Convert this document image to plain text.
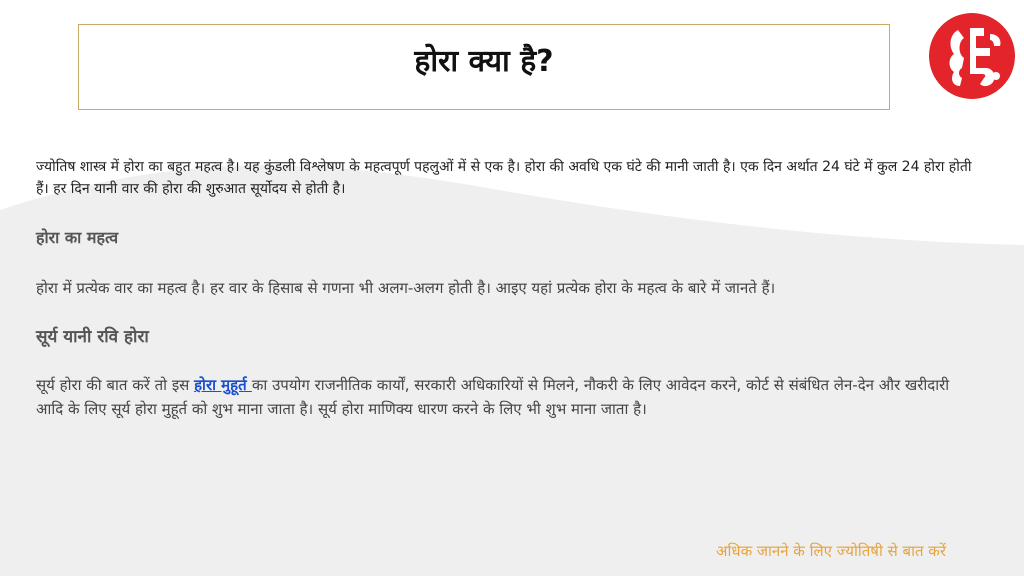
होरा क्या है?

ज्योतिष शास्त्र में होरा का बहुत महत्व है। यह कुंडली विश्लेषण के महत्वपूर्ण पहलुओं में से एक है। होरा की अवधि एक घंटे की मानी जाती है। एक दिन अर्थात 24 घंटे में कुल 24 होरा होती हैं। हर दिन यानी वार की होरा की शुरुआत सूर्योदय से होती है।

होरा का महत्व

होरा में प्रत्येक वार का महत्व है। हर वार के हिसाब से गणना भी अलग-अलग होती है। आइए यहां प्रत्येक होरा के महत्व के बारे में जानते हैं।

सूर्य यानी रवि होरा

सूर्य होरा की बात करें तो इस होरा मुहूर्त का उपयोग राजनीतिक कार्यों, सरकारी अधिकारियों से मिलने, नौकरी के लिए आवेदन करने, कोर्ट से संबंधित लेन-देन और खरीदारी आदि के लिए सूर्य होरा मुहूर्त को शुभ माना जाता है। सूर्य होरा माणिक्य धारण करने के लिए भी शुभ माना जाता है।

अधिक जानने के लिए ज्योतिषी से बात करें
